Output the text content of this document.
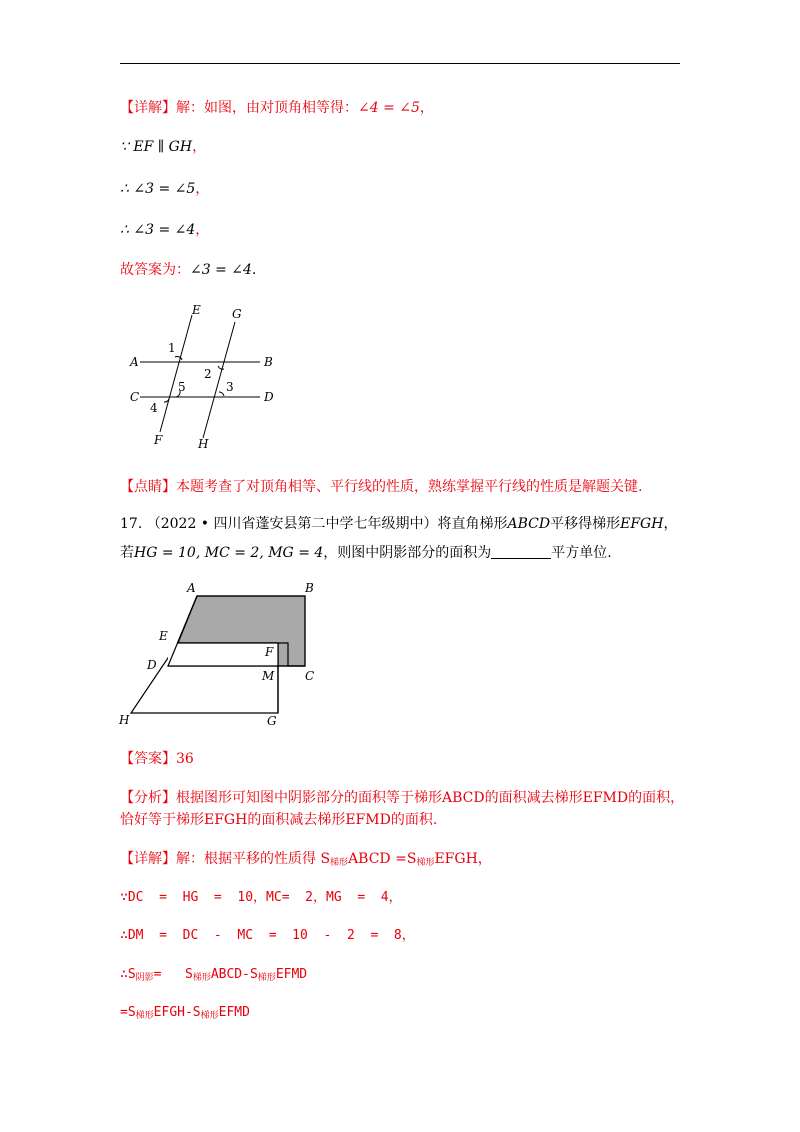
【详解】解：如图，由对顶角相等得：∠4 = ∠5，
∵ EF ∥ GH，
∴ ∠3 = ∠5，
∴ ∠3 = ∠4，
故答案为：∠3 = ∠4.
A	B
C	D
E
F
G
H
1
2
3
4
5
【点睛】本题考查了对顶角相等、平行线的性质，熟练掌握平行线的性质是解题关键.
17. （2022 • 四川省蓬安县第二中学七年级期中）将直角梯形ABCD平移得梯形EFGH，
若HG = 10, MC = 2, MG = 4，则图中阴影部分的面积为	平方单位.
A	B
C
D
E
F
G
H
M
【答案】36
【分析】根据图形可知图中阴影部分的面积等于梯形ABCD的面积减去梯形EFMD的面积，
恰好等于梯形EFGH的面积减去梯形EFMD的面积.
【详解】解：根据平移的性质得 $S_{梯形}ABCD$ $=S_{梯形}EFGH$，
∵DC  =  HG  =  10，MC=  2，MG  =  4，
∴DM  =  DC  -  MC  =  10  -  2  =  8，
$\therefore S_{阴影}=$   $S_{梯形}ABCD-S_{梯形}EFMD$
$=S_{梯形}EFGH-S_{梯形}EFMD$
